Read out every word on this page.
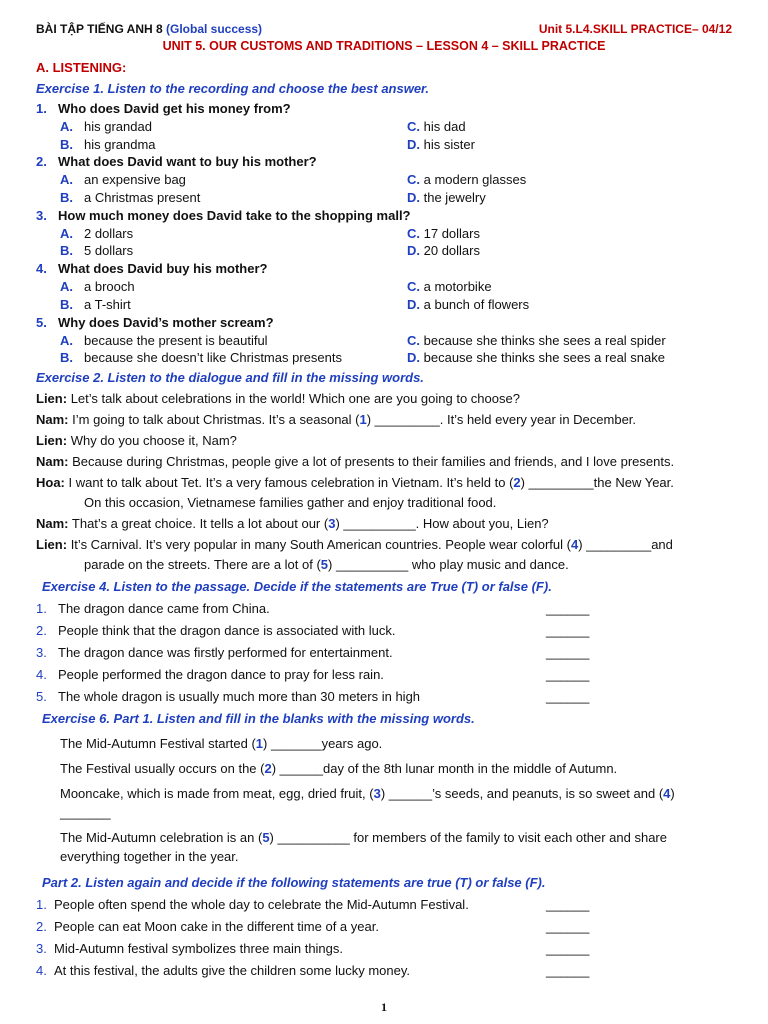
BÀI TẬP TIẾNG ANH 8 (Global success)	Unit 5.L4.SKILL PRACTICE– 04/12
UNIT 5. OUR CUSTOMS AND TRADITIONS – LESSON 4 – SKILL PRACTICE
A. LISTENING:
Exercise 1. Listen to the recording and choose the best answer.
1. Who does David get his money from?
A. his grandad	C. his dad
B. his grandma	D. his sister
2. What does David want to buy his mother?
A. an expensive bag	C. a modern glasses
B. a Christmas present	D. the jewelry
3. How much money does David take to the shopping mall?
A. 2 dollars	C. 17 dollars
B. 5 dollars	D. 20 dollars
4. What does David buy his mother?
A. a brooch	C. a motorbike
B. a T-shirt	D. a bunch of flowers
5. Why does David’s mother scream?
A. because the present is beautiful	C. because she thinks she sees a real spider
B. because she doesn’t like Christmas presents	D. because she thinks she sees a real snake
Exercise 2. Listen to the dialogue and fill in the missing words.
Lien: Let’s talk about celebrations in the world! Which one are you going to choose?
Nam: I’m going to talk about Christmas. It’s a seasonal (1) _________. It’s held every year in December.
Lien: Why do you choose it, Nam?
Nam: Because during Christmas, people give a lot of presents to their families and friends, and I love presents.
Hoa: I want to talk about Tet. It’s a very famous celebration in Vietnam. It’s held to (2) _________the New Year.
On this occasion, Vietnamese families gather and enjoy traditional food.
Nam: That’s a great choice. It tells a lot about our (3) __________. How about you, Lien?
Lien: It’s Carnival. It’s very popular in many South American countries. People wear colorful (4) _________and
parade on the streets. There are a lot of (5) __________ who play music and dance.
Exercise 4. Listen to the passage. Decide if the statements are True (T) or false (F).
1. The dragon dance came from China.	______
2. People think that the dragon dance is associated with luck.	______
3. The dragon dance was firstly performed for entertainment.	______
4. People performed the dragon dance to pray for less rain.	______
5. The whole dragon is usually much more than 30 meters in high	______
Exercise 6. Part 1. Listen and fill in the blanks with the missing words.
The Mid-Autumn Festival started (1) _______years ago.
The Festival usually occurs on the (2) ______day of the 8th lunar month in the middle of Autumn.
Mooncake, which is made from meat, egg, dried fruit, (3) ______’s seeds, and peanuts, is so sweet and (4)
_______
The Mid-Autumn celebration is an (5) __________ for members of the family to visit each other and share
everything together in the year.
Part 2. Listen again and decide if the following statements are true (T) or false (F).
1. People often spend the whole day to celebrate the Mid-Autumn Festival.	______
2. People can eat Moon cake in the different time of a year.	______
3. Mid-Autumn festival symbolizes three main things.	______
4. At this festival, the adults give the children some lucky money.	______
1
